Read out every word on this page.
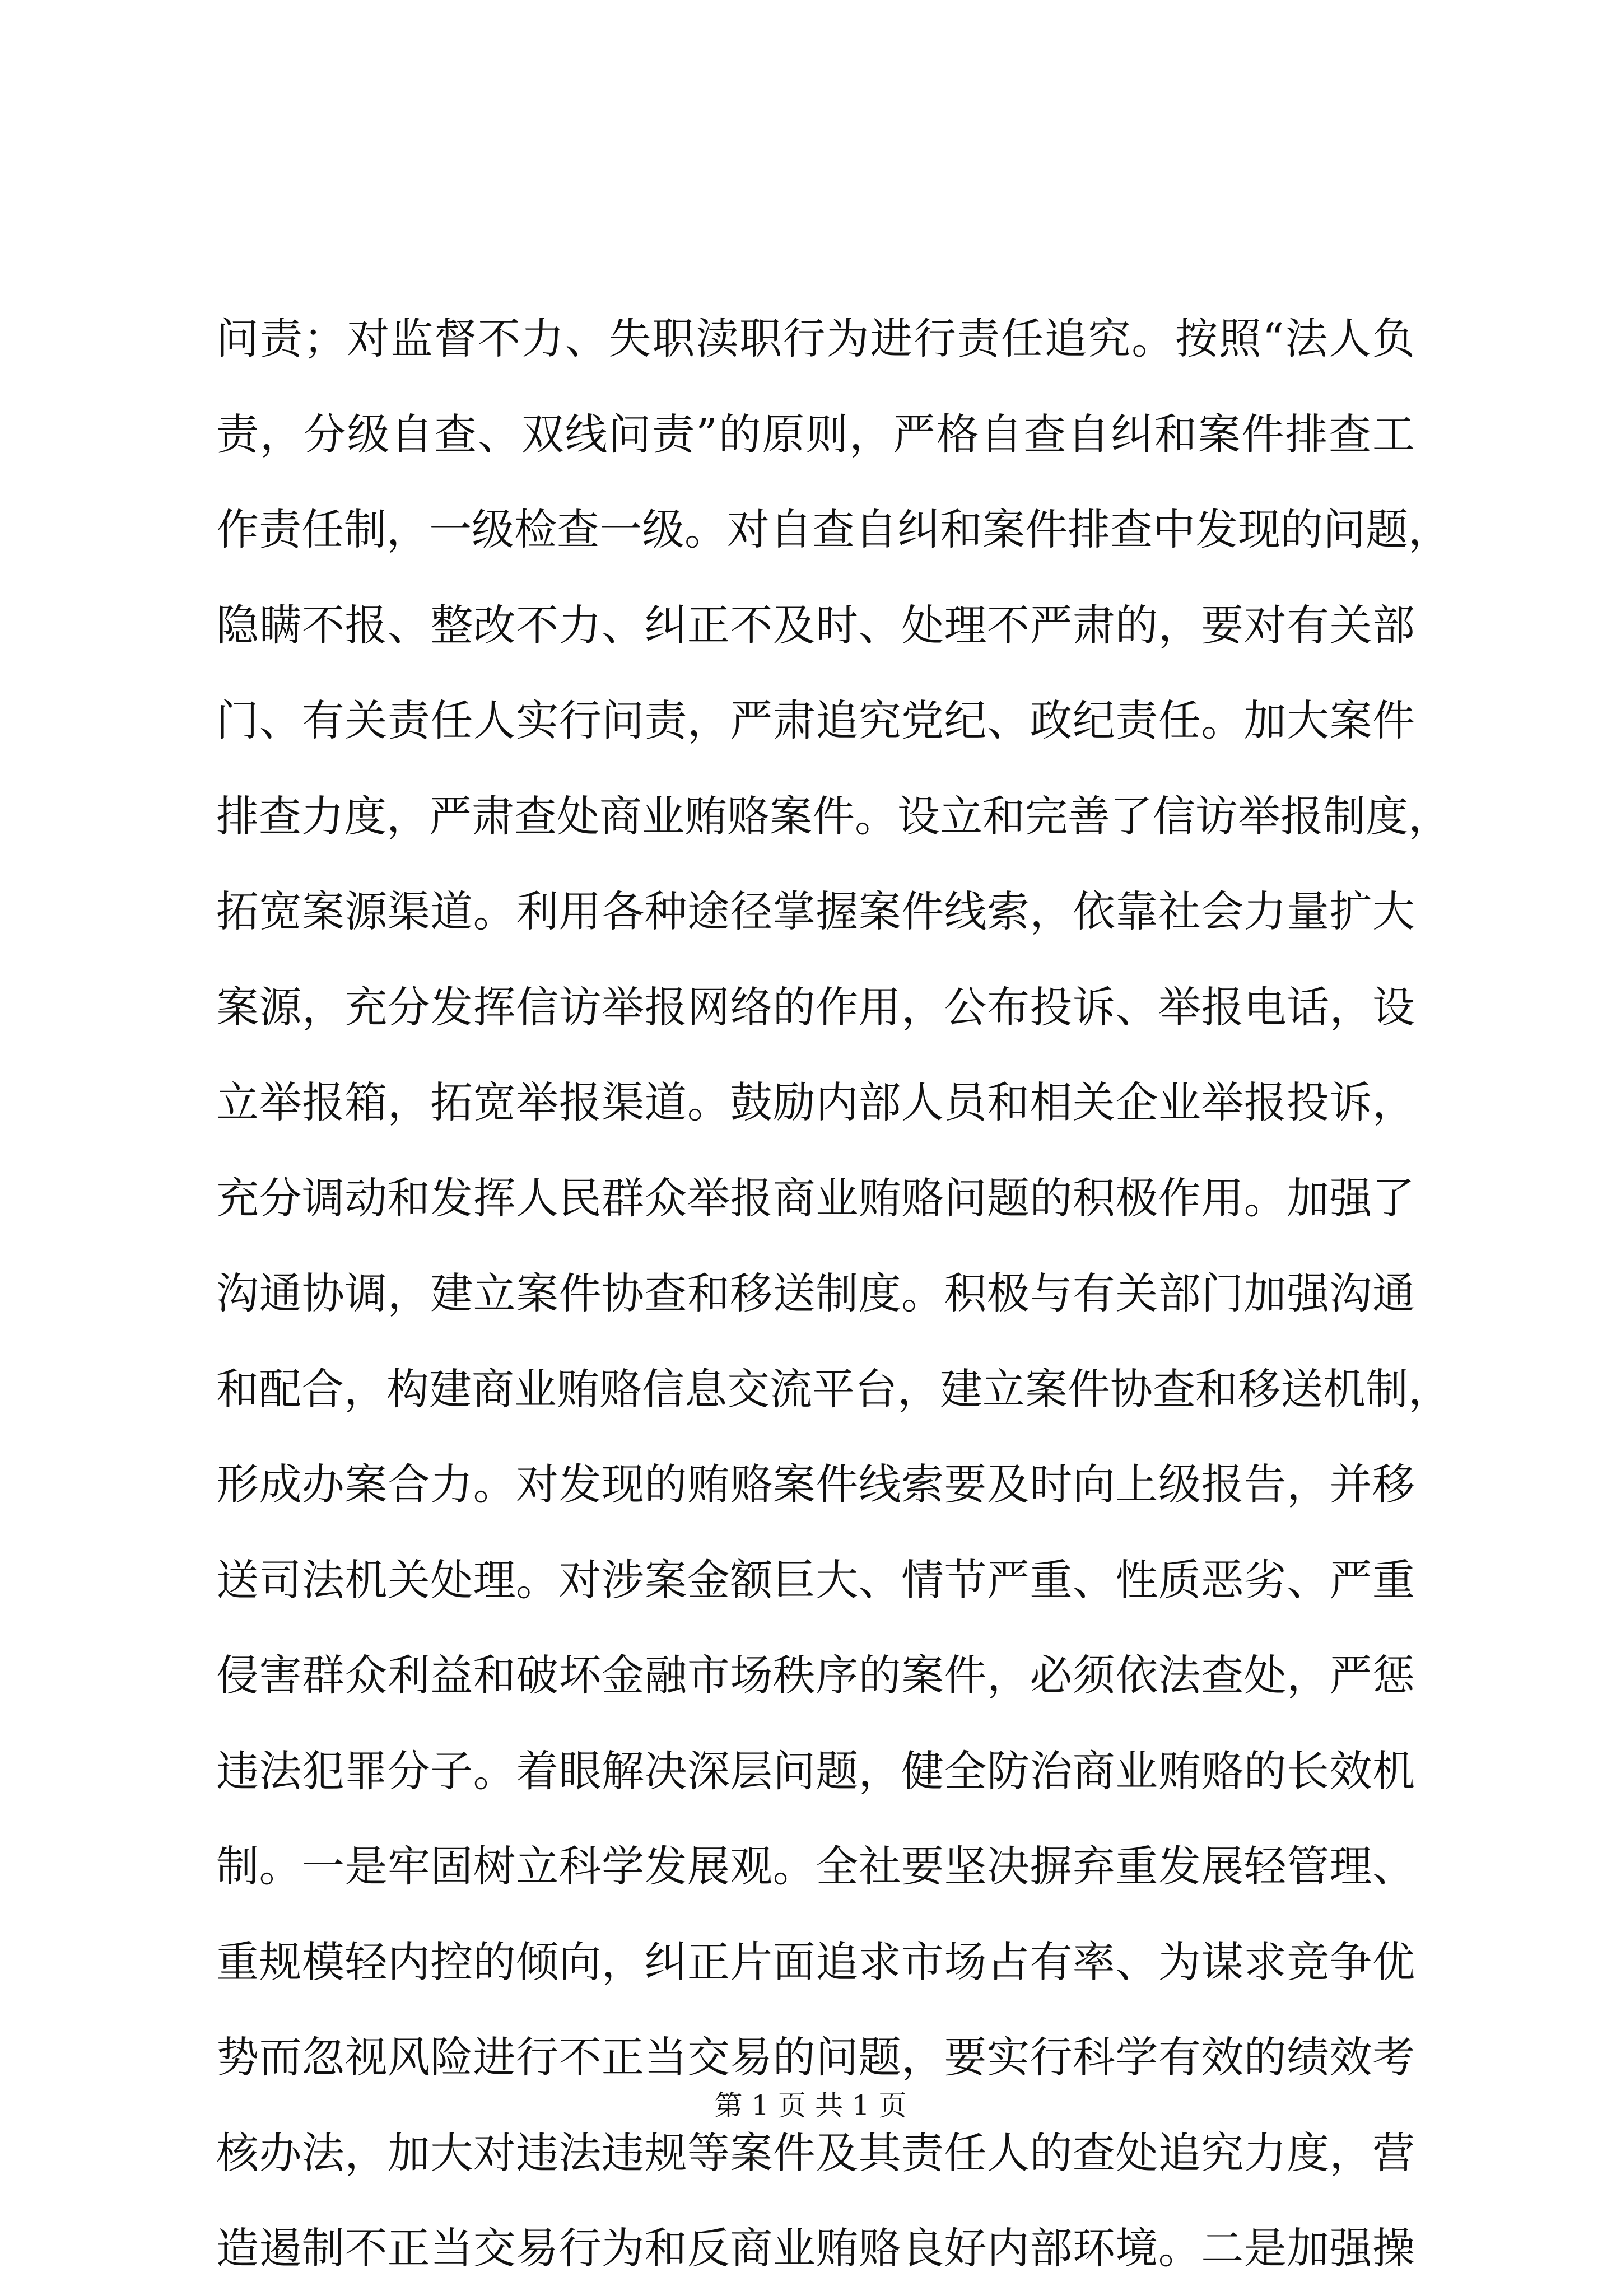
问责；对监督不力、失职渎职行为进行责任追究。按照“法人负
责，分级自查、双线问责”的原则，严格自查自纠和案件排查工
作责任制，一级检查一级。对自查自纠和案件排查中发现的问题，
隐瞒不报、整改不力、纠正不及时、处理不严肃的，要对有关部
门、有关责任人实行问责，严肃追究党纪、政纪责任。加大案件
排查力度，严肃查处商业贿赂案件。设立和完善了信访举报制度，
拓宽案源渠道。利用各种途径掌握案件线索，依靠社会力量扩大
案源，充分发挥信访举报网络的作用，公布投诉、举报电话，设
立举报箱，拓宽举报渠道。鼓励内部人员和相关企业举报投诉，
充分调动和发挥人民群众举报商业贿赂问题的积极作用。加强了
沟通协调，建立案件协查和移送制度。积极与有关部门加强沟通
和配合，构建商业贿赂信息交流平台，建立案件协查和移送机制，
形成办案合力。对发现的贿赂案件线索要及时向上级报告，并移
送司法机关处理。对涉案金额巨大、情节严重、性质恶劣、严重
侵害群众利益和破坏金融市场秩序的案件，必须依法查处，严惩
违法犯罪分子。着眼解决深层问题，健全防治商业贿赂的长效机
制。一是牢固树立科学发展观。全社要坚决摒弃重发展轻管理、
重规模轻内控的倾向，纠正片面追求市场占有率、为谋求竞争优
势而忽视风险进行不正当交易的问题，要实行科学有效的绩效考
核办法，加大对违法违规等案件及其责任人的查处追究力度，营
造遏制不正当交易行为和反商业贿赂良好内部环境。二是加强操
第 1 页 共 1 页
